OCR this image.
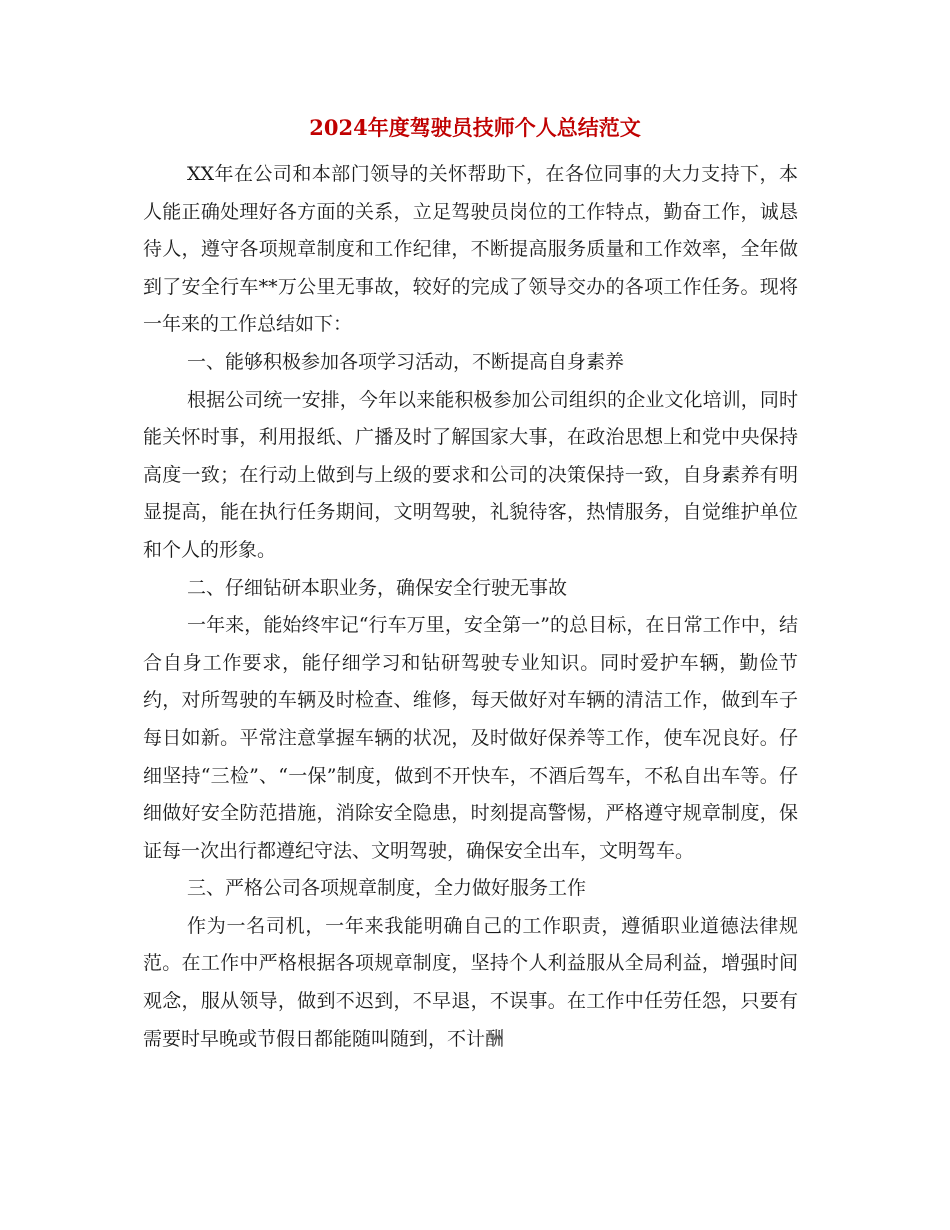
2024年度驾驶员技师个人总结范文

XX年在公司和本部门领导的关怀帮助下，在各位同事的大力支持下，本人能正确处理好各方面的关系，立足驾驶员岗位的工作特点，勤奋工作，诚恳待人，遵守各项规章制度和工作纪律，不断提高服务质量和工作效率，全年做到了安全行车**万公里无事故，较好的完成了领导交办的各项工作任务。现将一年来的工作总结如下：

一、能够积极参加各项学习活动，不断提高自身素养

根据公司统一安排，今年以来能积极参加公司组织的企业文化培训，同时能关怀时事，利用报纸、广播及时了解国家大事，在政治思想上和党中央保持高度一致；在行动上做到与上级的要求和公司的决策保持一致，自身素养有明显提高，能在执行任务期间，文明驾驶，礼貌待客，热情服务，自觉维护单位和个人的形象。

二、仔细钻研本职业务，确保安全行驶无事故

一年来，能始终牢记“行车万里，安全第一”的总目标，在日常工作中，结合自身工作要求，能仔细学习和钻研驾驶专业知识。同时爱护车辆，勤俭节约，对所驾驶的车辆及时检查、维修，每天做好对车辆的清洁工作，做到车子每日如新。平常注意掌握车辆的状况，及时做好保养等工作，使车况良好。仔细坚持“三检”、“一保”制度，做到不开快车，不酒后驾车，不私自出车等。仔细做好安全防范措施，消除安全隐患，时刻提高警惕，严格遵守规章制度，保证每一次出行都遵纪守法、文明驾驶，确保安全出车，文明驾车。

三、严格公司各项规章制度，全力做好服务工作

作为一名司机，一年来我能明确自己的工作职责，遵循职业道德法律规范。在工作中严格根据各项规章制度，坚持个人利益服从全局利益，增强时间观念，服从领导，做到不迟到，不早退，不误事。在工作中任劳任怨，只要有需要时早晚或节假日都能随叫随到，不计酬
